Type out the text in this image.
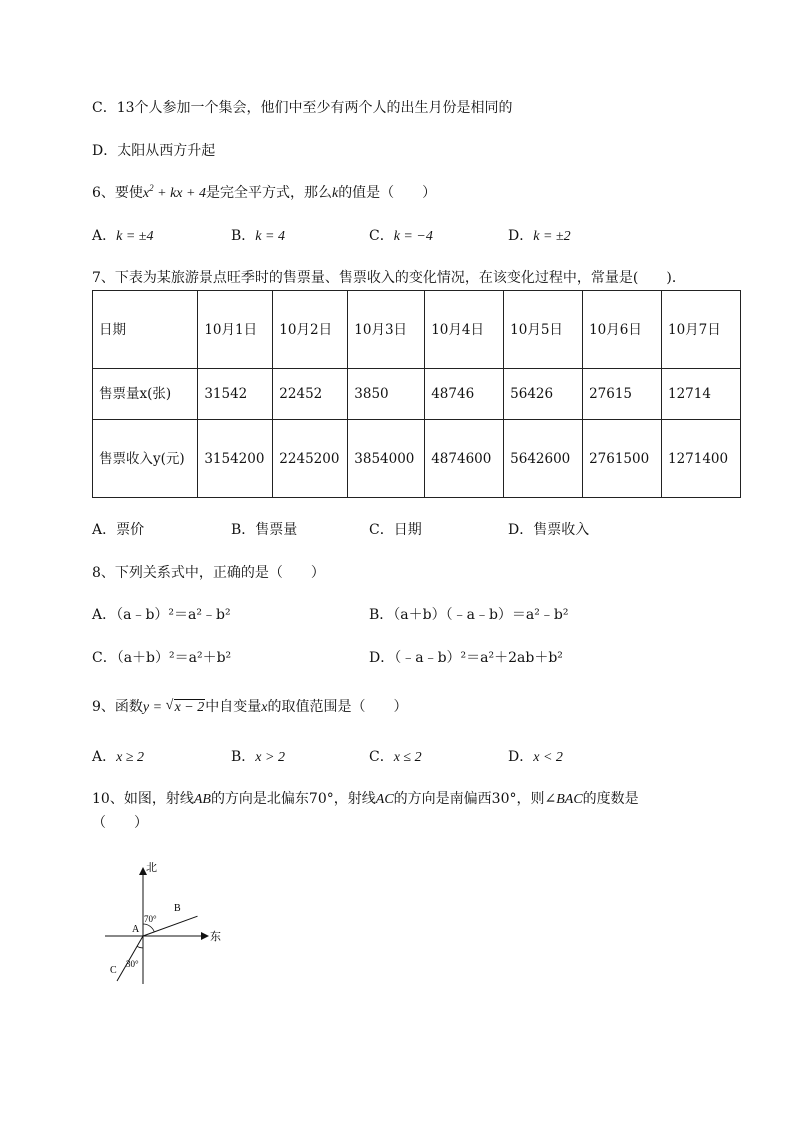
C．13个人参加一个集会，他们中至少有两个人的出生月份是相同的
D．太阳从西方升起
6、要使$x^2$ + kx + 4是完全平方式，那么k的值是（　　）
A．k = ±4	B．k = 4	C．k = −4	D．k = ±2
7、下表为某旅游景点旺季时的售票量、售票收入的变化情况，在该变化过程中，常量是(　　)．
日期	10月1日	10月2日	10月3日	10月4日	10月5日	10月6日	10月7日
售票量x(张)	31542	22452	3850	48746	56426	27615	12714
售票收入y(元)	3154200	2245200	3854000	4874600	5642600	2761500	1271400
A．票价	B．售票量	C．日期	D．售票收入
8、下列关系式中，正确的是（　　）
A．（a﹣b）²＝a²﹣b²	B．（a＋b）（﹣a﹣b）＝a²﹣b²
C．（a＋b）²＝a²＋b²	D．（﹣a﹣b）²＝a²＋2ab＋b²
9、函数y = √ x − 2中自变量x的取值范围是（　　）
A．x ≥ 2	B．x > 2	C．x ≤ 2	D．x < 2
10、如图，射线AB的方向是北偏东70°，射线AC的方向是南偏西30°，则∠BAC的度数是
（　　）
北
东
A
B
C
70°
30°
